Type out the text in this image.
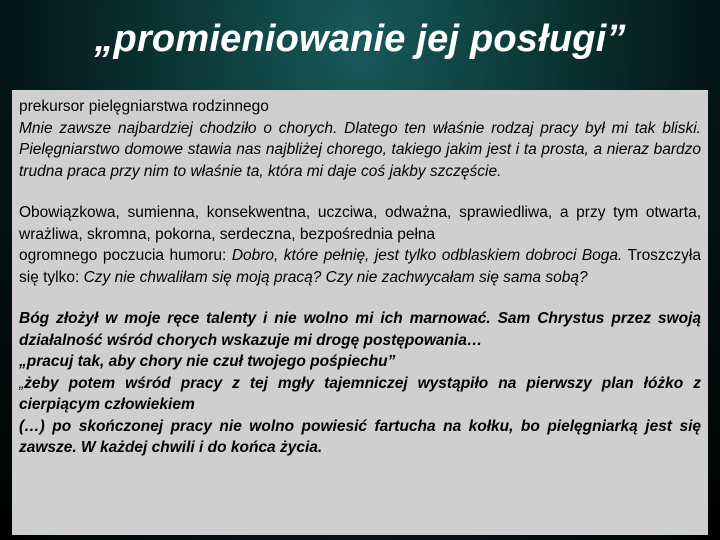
„promieniowanie jej posługi”

prekursor pielęgniarstwa rodzinnego
Mnie zawsze najbardziej chodziło o chorych. Dlatego ten właśnie rodzaj pracy był mi tak bliski. Pielęgniarstwo domowe stawia nas najbliżej chorego, takiego jakim jest i ta prosta, a nieraz bardzo trudna praca przy nim to właśnie ta, która mi daje coś jakby szczęście.

Obowiązkowa, sumienna, konsekwentna, uczciwa, odważna, sprawiedliwa, a przy tym otwarta, wrażliwa, skromna, pokorna, serdeczna, bezpośrednia pełna
ogromnego poczucia humoru: Dobro, które pełnię, jest tylko odblaskiem dobroci Boga. Troszczyła się tylko: Czy nie chwaliłam się moją pracą? Czy nie zachwycałam się sama sobą?

Bóg złożył w moje ręce talenty i nie wolno mi ich marnować. Sam Chrystus przez swoją działalność wśród chorych wskazuje mi drogę postępowania…
„pracuj tak, aby chory nie czuł twojego pośpiechu”
„żeby potem wśród pracy z tej mgły tajemniczej wystąpiło na pierwszy plan łóżko z cierpiącym człowiekiem
(…) po skończonej pracy nie wolno powiesić fartucha na kołku, bo pielęgniarką jest się zawsze. W każdej chwili i do końca życia.
